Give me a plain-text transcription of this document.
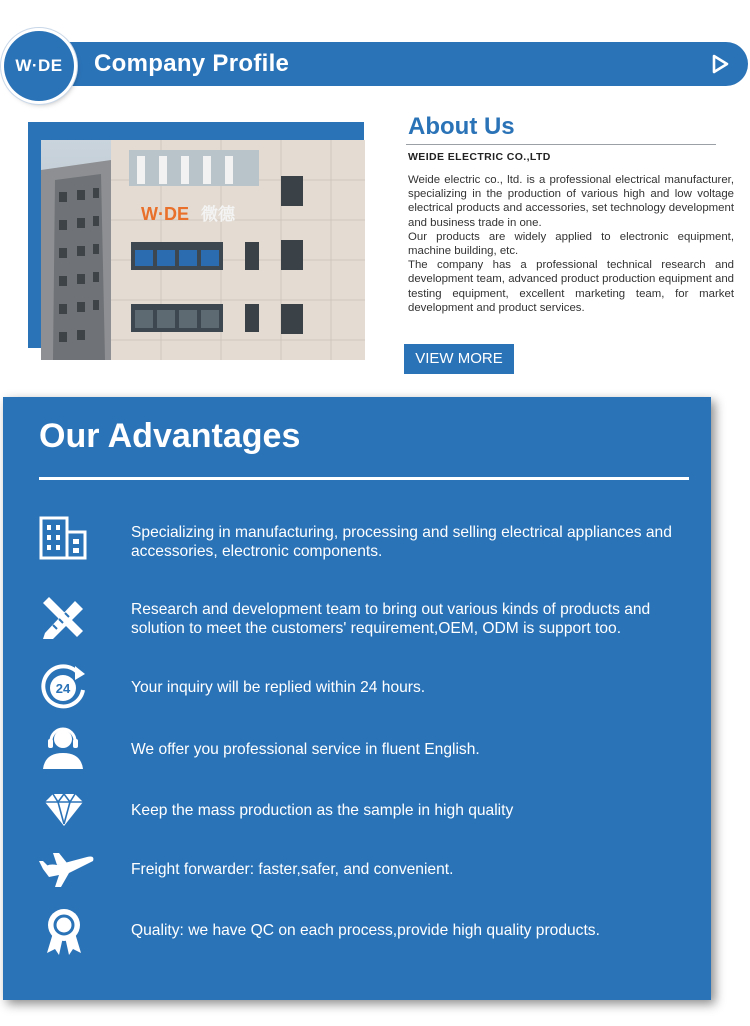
Company Profile
W·DE
W·DE 微德
About Us
WEIDE ELECTRIC CO.,LTD

Weide electric co., ltd. is a professional electrical manufacturer, specializing in the production of various high and low voltage electrical products and accessories, set technology development and business trade in one.

Our products are widely applied to electronic equipment, machine building, etc.

The company has a professional technical research and development team, advanced product production equipment and testing equipment, excellent marketing team, for market development and product services.

VIEW MORE
Our Advantages
Specializing in manufacturing, processing and selling electrical appliances and accessories, electronic components.
Research and development team to bring out various kinds of products and solution to meet the customers' requirement,OEM, ODM is support too.
24	Your inquiry will be replied within 24 hours.
We offer you professional service in fluent English.
Keep the mass production as the sample in high quality
Freight forwarder: faster,safer, and convenient.
Quality: we have QC on each process,provide high quality products.
